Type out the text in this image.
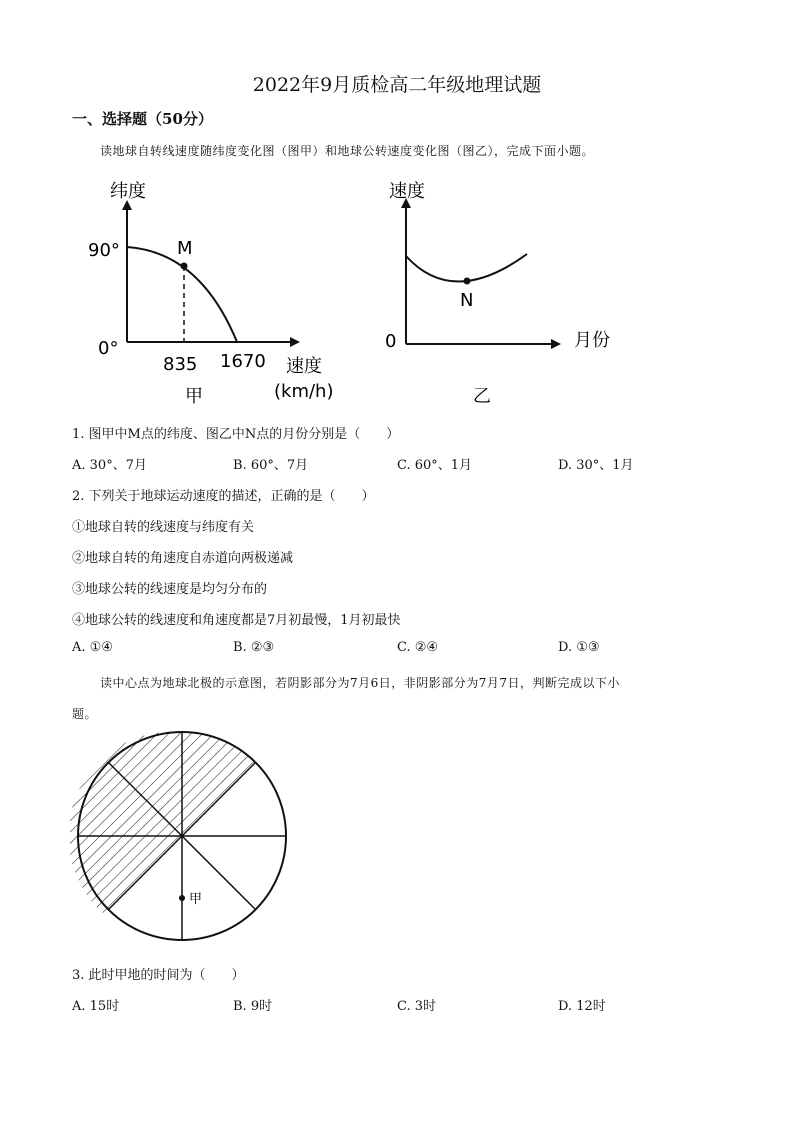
2022年9月质检高二年级地理试题
一、选择题（50分）
读地球自转线速度随纬度变化图（图甲）和地球公转速度变化图（图乙），完成下面小题。
纬度
90°
0°
M
835 1670 速度
(km/h)
甲
速度
0
N
月份
乙
1. 图甲中M点的纬度、图乙中N点的月份分别是（　　）
A. 30°、7月	B. 60°、7月	C. 60°、1月	D. 30°、1月
2. 下列关于地球运动速度的描述，正确的是（　　）
①地球自转的线速度与纬度有关
②地球自转的角速度自赤道向两极递减
③地球公转的线速度是均匀分布的
④地球公转的线速度和角速度都是7月初最慢，1月初最快
A. ①④	B. ②③	C. ②④	D. ①③
读中心点为地球北极的示意图，若阴影部分为7月6日，非阴影部分为7月7日，判断完成以下小
题。
甲
3. 此时甲地的时间为（　　）
A. 15时	B. 9时	C. 3时	D. 12时
